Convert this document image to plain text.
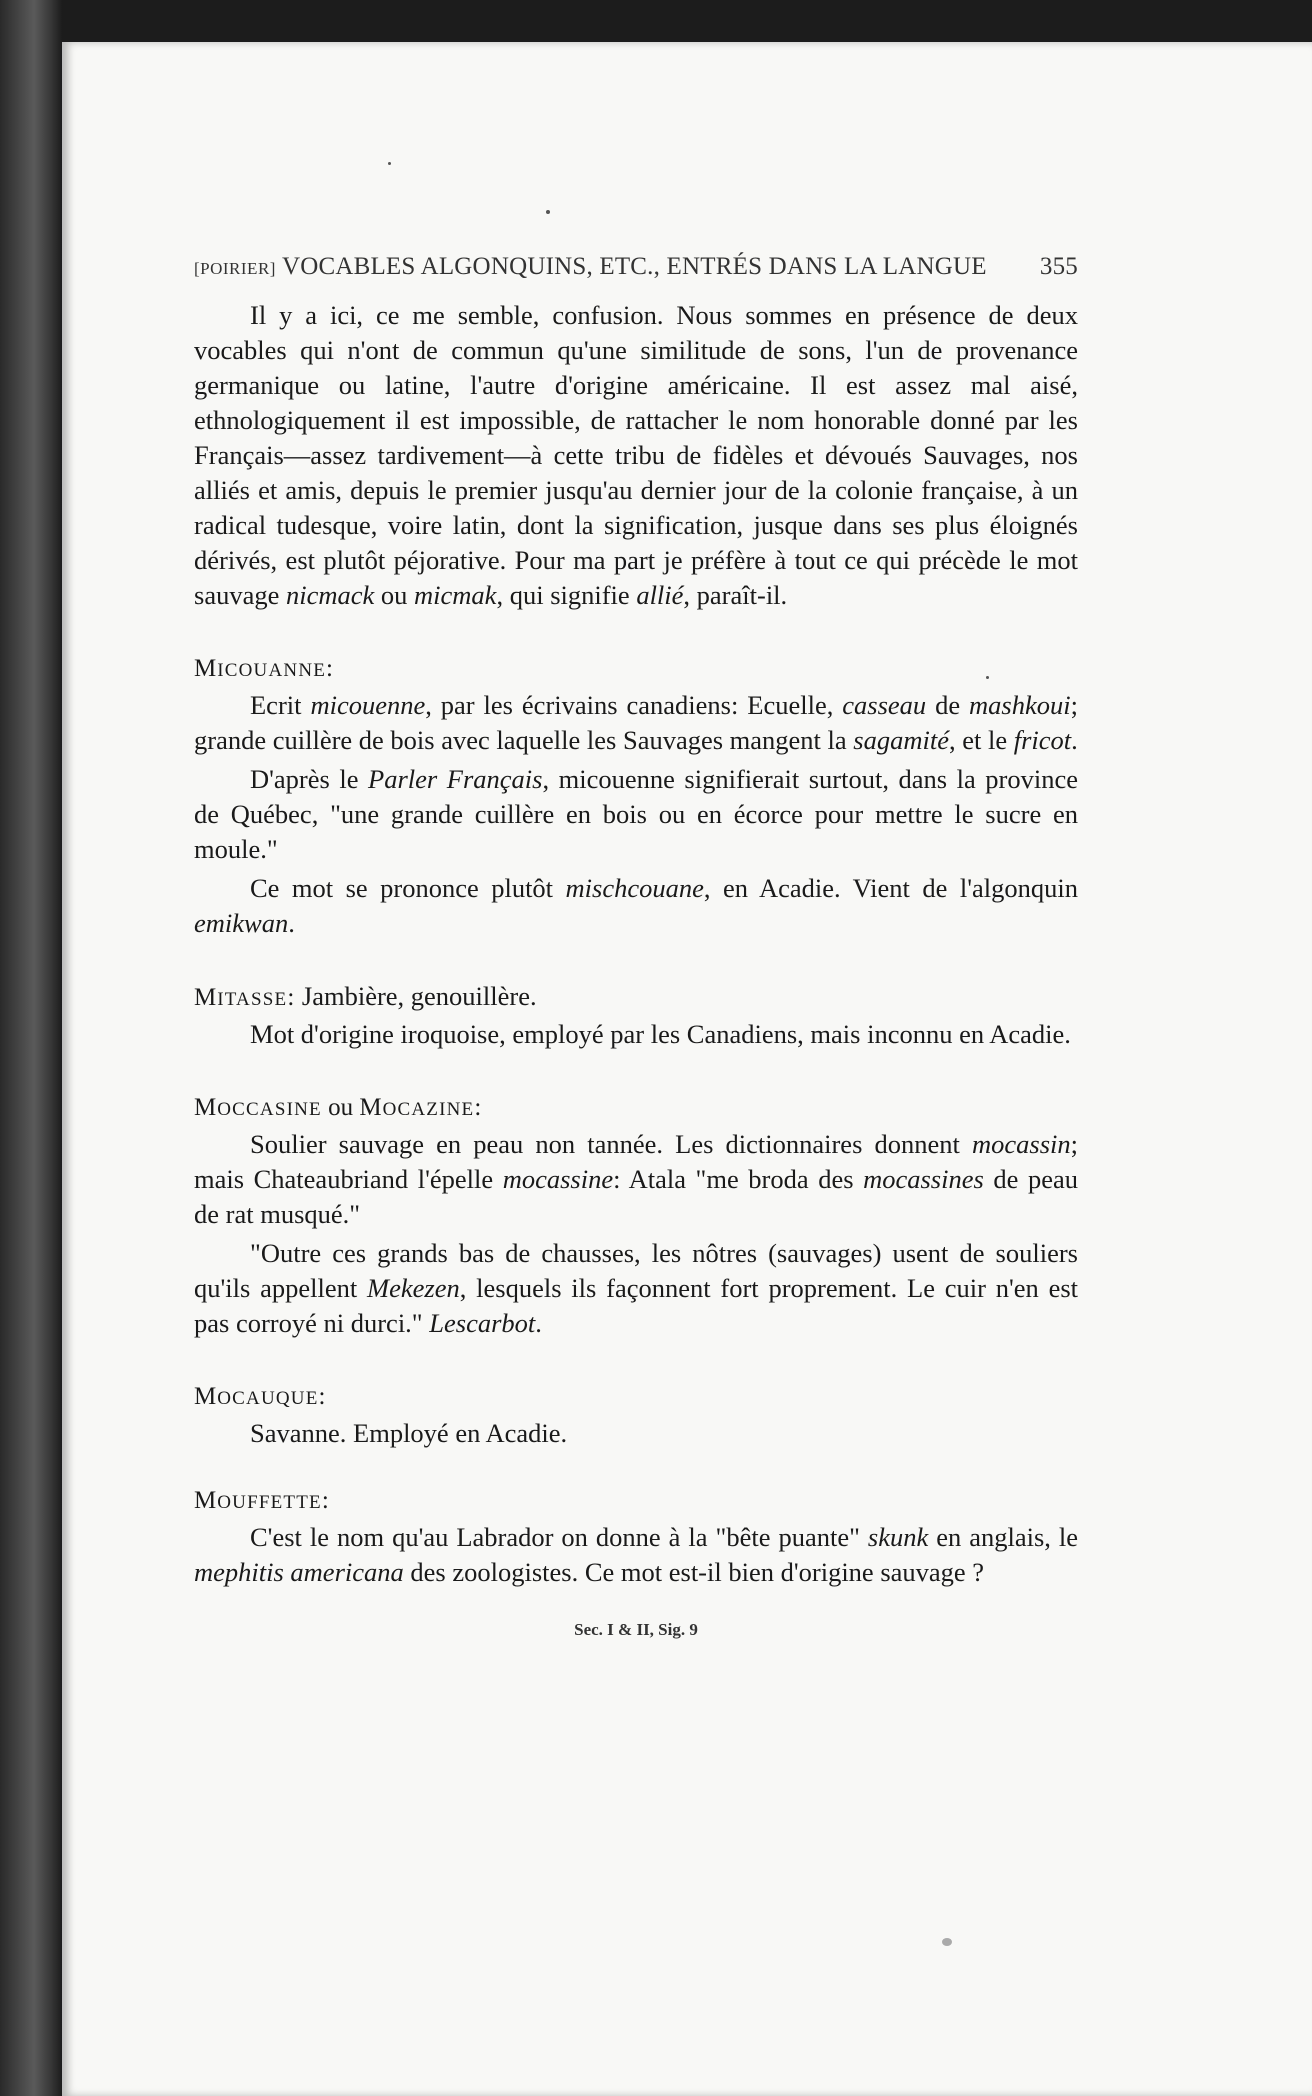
[POIRIER] VOCABLES ALGONQUINS, ETC., ENTRÉS DANS LA LANGUE 355

Il y a ici, ce me semble, confusion. Nous sommes en présence de deux vocables qui n'ont de commun qu'une similitude de sons, l'un de provenance germanique ou latine, l'autre d'origine américaine. Il est assez mal aisé, ethnologiquement il est impossible, de rattacher le nom honorable donné par les Français—assez tardivement—à cette tribu de fidèles et dévoués Sauvages, nos alliés et amis, depuis le premier jusqu'au dernier jour de la colonie française, à un radical tudesque, voire latin, dont la signification, jusque dans ses plus éloignés dérivés, est plutôt péjorative. Pour ma part je préfère à tout ce qui précède le mot sauvage nicmack ou micmak, qui signifie allié, paraît-il.

MICOUANNE:

Ecrit micouenne, par les écrivains canadiens: Ecuelle, casseau de mashkoui; grande cuillère de bois avec laquelle les Sauvages mangent la sagamité, et le fricot.

D'après le Parler Français, micouenne signifierait surtout, dans la province de Québec, "une grande cuillère en bois ou en écorce pour mettre le sucre en moule."

Ce mot se prononce plutôt mischcouane, en Acadie. Vient de l'algonquin emikwan.

MITASSE: Jambière, genouillère.

Mot d'origine iroquoise, employé par les Canadiens, mais inconnu en Acadie.

MOCCASINE ou MOCAZINE:

Soulier sauvage en peau non tannée. Les dictionnaires donnent mocassin; mais Chateaubriand l'épelle mocassine: Atala "me broda des mocassines de peau de rat musqué."

"Outre ces grands bas de chausses, les nôtres (sauvages) usent de souliers qu'ils appellent Mekezen, lesquels ils façonnent fort proprement. Le cuir n'en est pas corroyé ni durci." Lescarbot.

MOCAUQUE:

Savanne. Employé en Acadie.

MOUFFETTE:

C'est le nom qu'au Labrador on donne à la "bête puante" skunk en anglais, le mephitis americana des zoologistes. Ce mot est-il bien d'origine sauvage ?

Sec. I & II, Sig. 9
